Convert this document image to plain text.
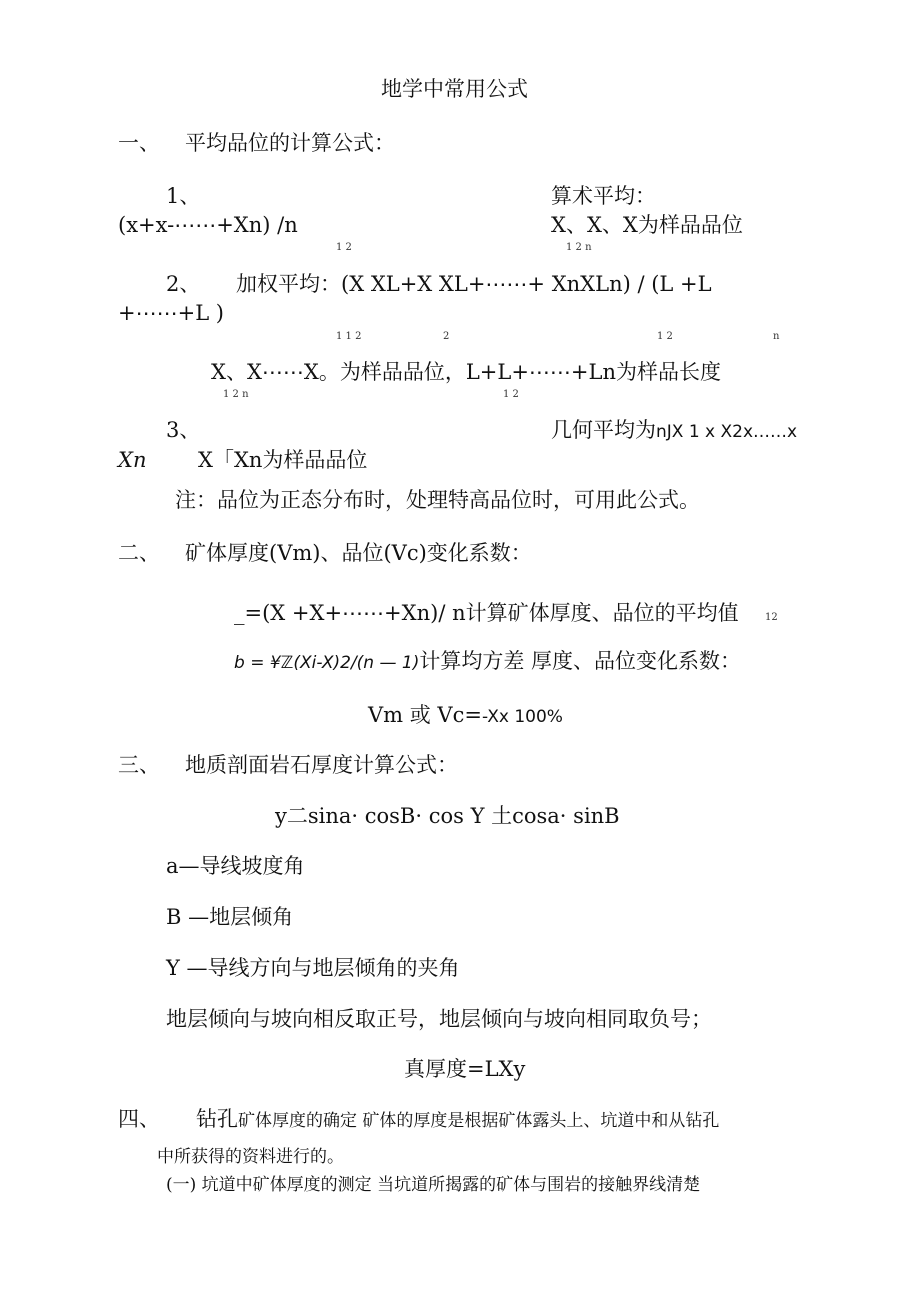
地学中常用公式
一、 平均品位的计算公式：
1、	算术平均：
(x+x-⋯⋯+Xn) /n	X、X、X为样品品位
1 2	1 2 n
2、 加权平均：(X XL+X XL+⋯⋯+ XnXLn) / (L +L
+⋯⋯+L )
1 1 2	2	1 2	n
X、X⋯⋯X。为样品品位，L+L+⋯⋯+Ln为样品长度
1 2 n	1 2
3、	几何平均为nJX 1 x X2x……x
Xn X「Xn为样品品位
注：品位为正态分布时，处理特高品位时，可用此公式。
二、 矿体厚度(Vm)、品位(Vc)变化系数：
_=(X +X+⋯⋯+Xn)/ n计算矿体厚度、品位的平均值	12
b = ¥ℤ(Xi-X)2/(n — 1)计算均方差 厚度、品位变化系数：
Vm 或 Vc=-Xx 100%
三、 地质剖面岩石厚度计算公式：
y二sina· cosB· cos Y 土cosa· sinB
a—导线坡度角
B —地层倾角
Y —导线方向与地层倾角的夹角
地层倾向与坡向相反取正号，地层倾向与坡向相同取负号；
真厚度=LXy
四、 钻孔矿体厚度的确定 矿体的厚度是根据矿体露头上、坑道中和从钻孔
中所获得的资料进行的。
(一) 坑道中矿体厚度的测定 当坑道所揭露的矿体与围岩的接触界线清楚
